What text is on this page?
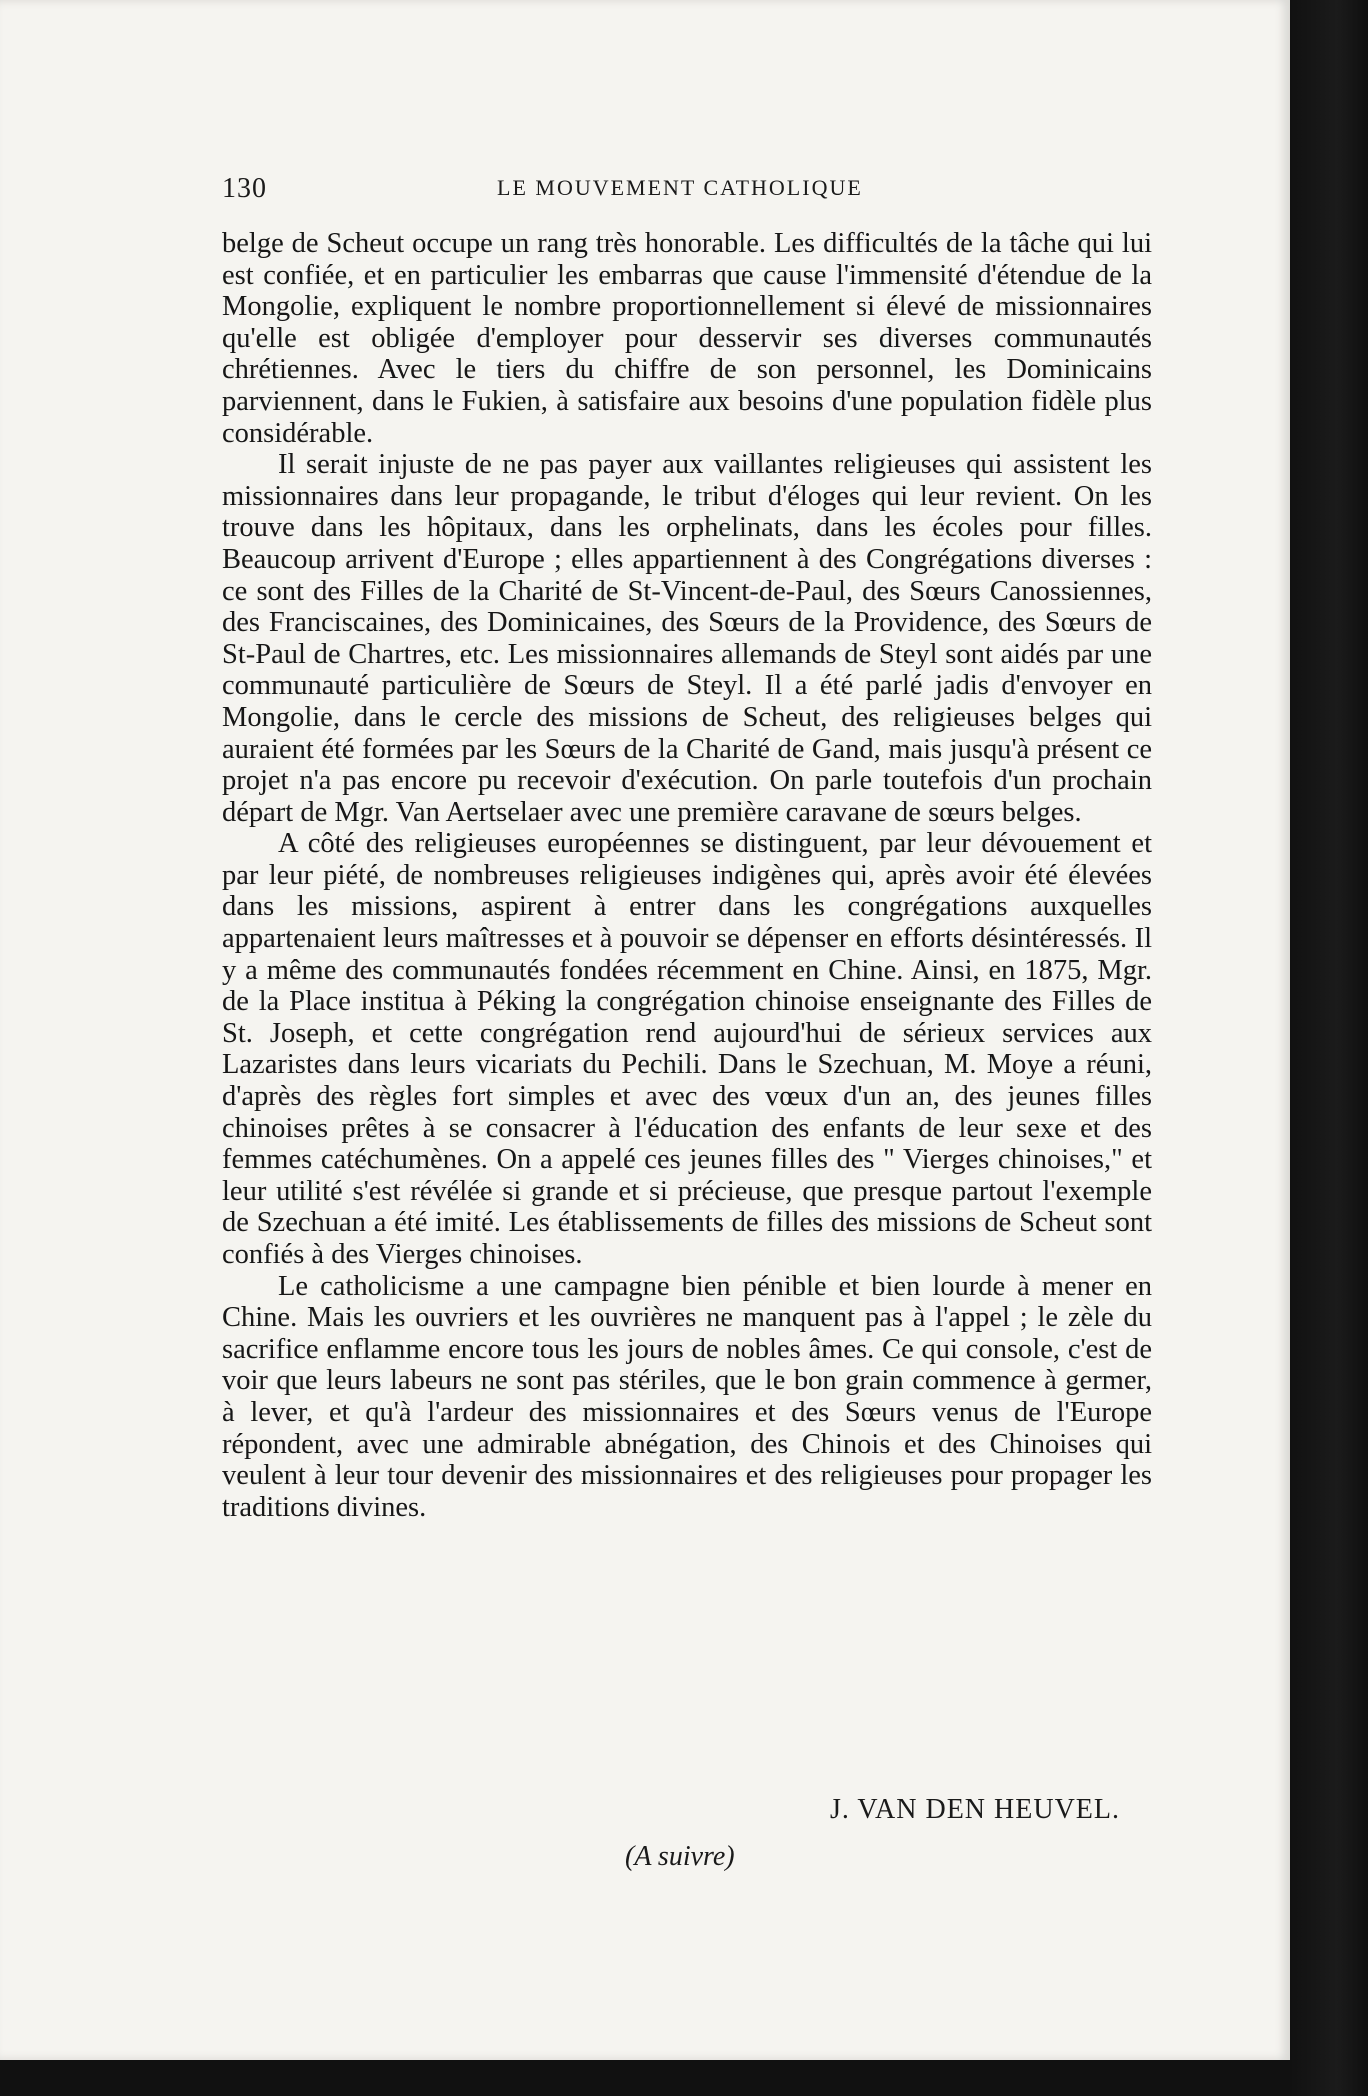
130	LE MOUVEMENT CATHOLIQUE

belge de Scheut occupe un rang très honorable. Les difficultés de la tâche qui lui est confiée, et en particulier les embarras que cause l'immensité d'étendue de la Mongolie, expliquent le nombre proportionnellement si élevé de missionnaires qu'elle est obligée d'employer pour desservir ses diverses communautés chrétiennes. Avec le tiers du chiffre de son personnel, les Dominicains parviennent, dans le Fukien, à satisfaire aux besoins d'une population fidèle plus considérable.

Il serait injuste de ne pas payer aux vaillantes religieuses qui assistent les missionnaires dans leur propagande, le tribut d'éloges qui leur revient. On les trouve dans les hôpitaux, dans les orphelinats, dans les écoles pour filles. Beaucoup arrivent d'Europe ; elles appartiennent à des Congrégations diverses : ce sont des Filles de la Charité de St-Vincent-de-Paul, des Sœurs Canossiennes, des Franciscaines, des Dominicaines, des Sœurs de la Providence, des Sœurs de St-Paul de Chartres, etc. Les missionnaires allemands de Steyl sont aidés par une communauté particulière de Sœurs de Steyl. Il a été parlé jadis d'envoyer en Mongolie, dans le cercle des missions de Scheut, des religieuses belges qui auraient été formées par les Sœurs de la Charité de Gand, mais jusqu'à présent ce projet n'a pas encore pu recevoir d'exécution. On parle toutefois d'un prochain départ de Mgr. Van Aertselaer avec une première caravane de sœurs belges.

A côté des religieuses européennes se distinguent, par leur dévouement et par leur piété, de nombreuses religieuses indigènes qui, après avoir été élevées dans les missions, aspirent à entrer dans les congrégations auxquelles appartenaient leurs maîtresses et à pouvoir se dépenser en efforts désintéressés. Il y a même des communautés fondées récemment en Chine. Ainsi, en 1875, Mgr. de la Place institua à Péking la congrégation chinoise enseignante des Filles de St. Joseph, et cette congrégation rend aujourd'hui de sérieux services aux Lazaristes dans leurs vicariats du Pechili. Dans le Szechuan, M. Moye a réuni, d'après des règles fort simples et avec des vœux d'un an, des jeunes filles chinoises prêtes à se consacrer à l'éducation des enfants de leur sexe et des femmes catéchumènes. On a appelé ces jeunes filles des " Vierges chinoises," et leur utilité s'est révélée si grande et si précieuse, que presque partout l'exemple de Szechuan a été imité. Les établissements de filles des missions de Scheut sont confiés à des Vierges chinoises.

Le catholicisme a une campagne bien pénible et bien lourde à mener en Chine. Mais les ouvriers et les ouvrières ne manquent pas à l'appel ; le zèle du sacrifice enflamme encore tous les jours de nobles âmes. Ce qui console, c'est de voir que leurs labeurs ne sont pas stériles, que le bon grain commence à germer, à lever, et qu'à l'ardeur des missionnaires et des Sœurs venus de l'Europe répondent, avec une admirable abnégation, des Chinois et des Chinoises qui veulent à leur tour devenir des missionnaires et des religieuses pour propager les traditions divines.

J. VAN DEN HEUVEL.
(A suivre)
